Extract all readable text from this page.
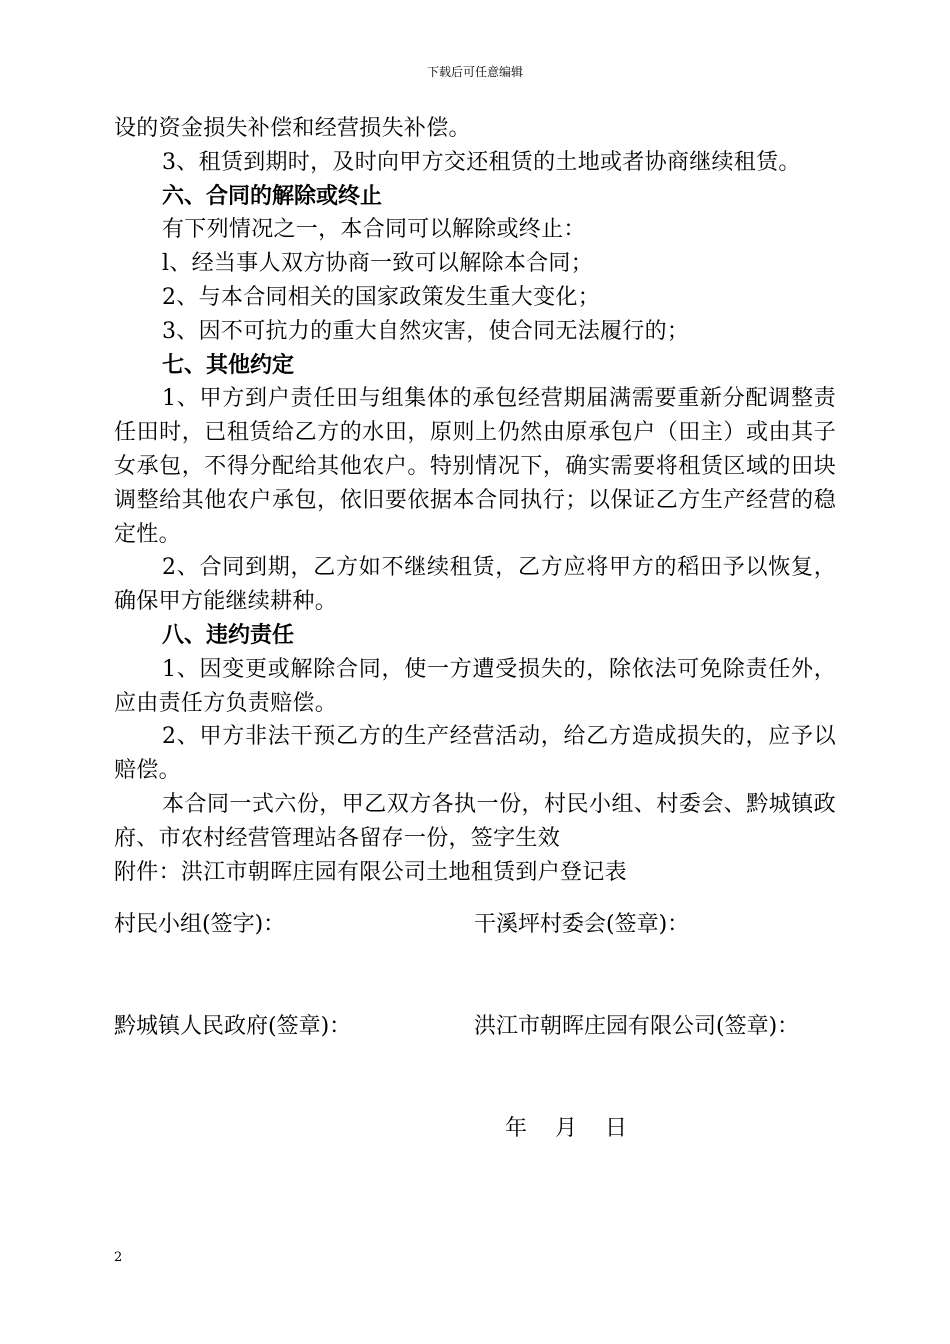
下载后可任意编辑

设的资金损失补偿和经营损失补偿。

3、租赁到期时，及时向甲方交还租赁的土地或者协商继续租赁。

六、合同的解除或终止

有下列情况之一，本合同可以解除或终止：

l、经当事人双方协商一致可以解除本合同；

2、与本合同相关的国家政策发生重大变化；

3、因不可抗力的重大自然灾害，使合同无法履行的；

七、其他约定

1、甲方到户责任田与组集体的承包经营期届满需要重新分配调整责任田时，已租赁给乙方的水田，原则上仍然由原承包户（田主）或由其子女承包，不得分配给其他农户。特别情况下，确实需要将租赁区域的田块调整给其他农户承包，依旧要依据本合同执行；以保证乙方生产经营的稳定性。

2、合同到期，乙方如不继续租赁，乙方应将甲方的稻田予以恢复，确保甲方能继续耕种。

八、违约责任

1、因变更或解除合同，使一方遭受损失的，除依法可免除责任外，应由责任方负责赔偿。

2、甲方非法干预乙方的生产经营活动，给乙方造成损失的，应予以赔偿。

本合同一式六份，甲乙双方各执一份，村民小组、村委会、黔城镇政府、市农村经营管理站各留存一份，签字生效

附件：洪江市朝晖庄园有限公司土地租赁到户登记表

村民小组(签字)：	干溪坪村委会(签章)：
黔城镇人民政府(签章)：	洪江市朝晖庄园有限公司(签章)：
年 月 日
2
